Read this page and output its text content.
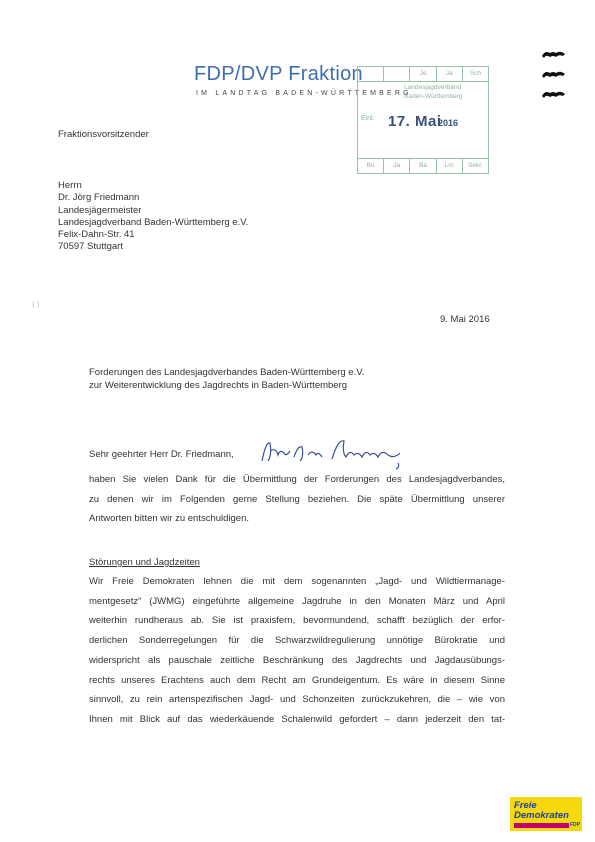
FDP/DVP Fraktion
IM LANDTAG BADEN-WÜRTTEMBERG
Je	Ja	Sch
Landesjagdverband
Baden-Württemberg
Einl. 17. Mai
2016
Bü	Ja	Ba	Lm	Sekr.

Fraktionsvorsitzender
Herrn
Dr. Jörg Friedmann
Landesjägermeister
Landesjagdverband Baden-Württemberg e.V.
Felix-Dahn-Str. 41
70597 Stuttgart
( )
9. Mai 2016
Forderungen des Landesjagdverbandes Baden-Württemberg e.V.
zur Weiterentwicklung des Jagdrechts in Baden-Württemberg
Sehr geehrter Herr Dr. Friedmann,
haben Sie vielen Dank für die Übermittlung der Forderungen des Landesjagdverbandes,
zu denen wir im Folgenden gerne Stellung beziehen. Die späte Übermittlung unserer
Antworten bitten wir zu entschuldigen.
Störungen und Jagdzeiten
Wir Freie Demokraten lehnen die mit dem sogenannten „Jagd- und Wildtiermanage-
mentgesetz“ (JWMG) eingeführte allgemeine Jagdruhe in den Monaten März und April
weiterhin rundheraus ab. Sie ist praxisfern, bevormundend, schafft bezüglich der erfor-
derlichen Sonderregelungen für die Schwarzwildregulierung unnötige Bürokratie und
widerspricht als pauschale zeitliche Beschränkung des Jagdrechts und Jagdausübungs-
rechts unseres Erachtens auch dem Recht am Grundeigentum. Es wäre in diesem Sinne
sinnvoll, zu rein artenspezifischen Jagd- und Schonzeiten zurückzukehren, die – wie von
Ihnen mit Blick auf das wiederkäuende Schalenwild gefordert – dann jederzeit den tat-
Freie
Demokraten
FDP
